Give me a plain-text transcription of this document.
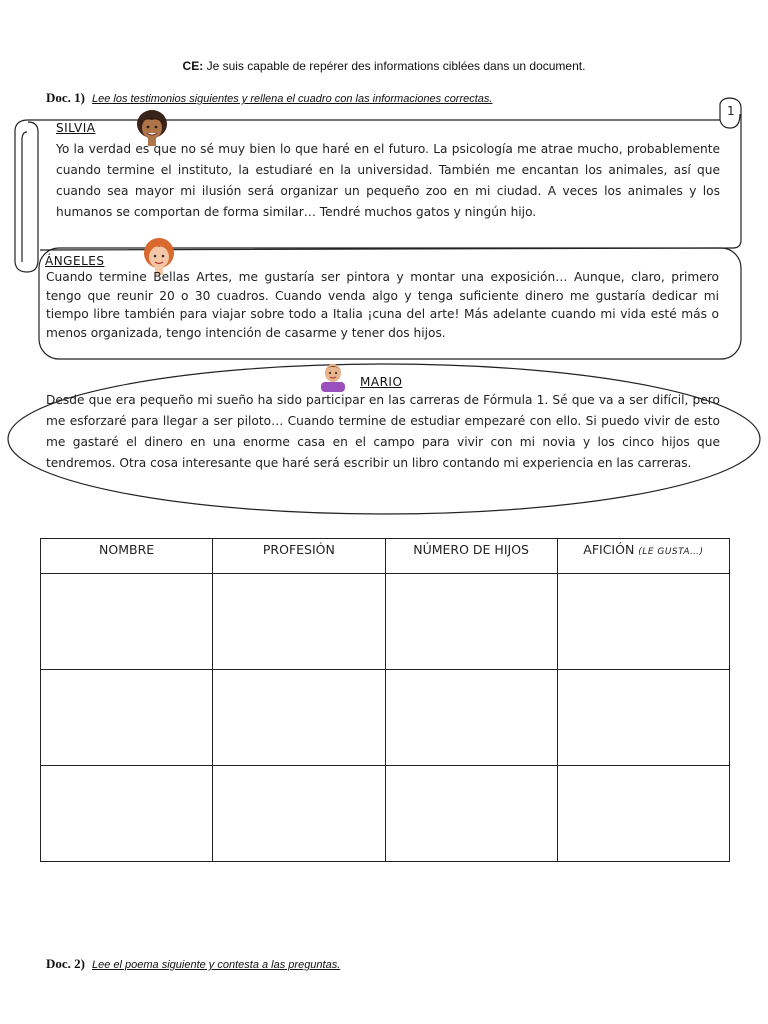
CE: Je suis capable de repérer des informations ciblées dans un document.
Doc. 1) Lee los testimonios siguientes y rellena el cuadro con las informaciones correctas.
1
SILVIA
Yo la verdad es que no sé muy bien lo que haré en el futuro. La psicología me atrae mucho, probablemente cuando termine el instituto, la estudiaré en la universidad. También me encantan los animales, así que cuando sea mayor mi ilusión será organizar un pequeño zoo en mi ciudad. A veces los animales y los humanos se comportan de forma similar… Tendré muchos gatos y ningún hijo.
ÁNGELES
Cuando termine Bellas Artes, me gustaría ser pintora y montar una exposición… Aunque, claro, primero tengo que reunir 20 o 30 cuadros. Cuando venda algo y tenga suficiente dinero me gustaría dedicar mi tiempo libre también para viajar sobre todo a Italia ¡cuna del arte! Más adelante cuando mi vida esté más o menos organizada, tengo intención de casarme y tener dos hijos.
MARIO
Desde que era pequeño mi sueño ha sido participar en las carreras de Fórmula 1. Sé que va a ser difícil, pero me esforzaré para llegar a ser piloto… Cuando termine de estudiar empezaré con ello. Si puedo vivir de esto me gastaré el dinero en una enorme casa en el campo para vivir con mi novia y los cinco hijos que tendremos. Otra cosa interesante que haré será escribir un libro contando mi experiencia en las carreras.
NOMBRE	PROFESIÓN	NÚMERO DE HIJOS	AFICIÓN (LE GUSTA…)

Doc. 2) Lee el poema siguiente y contesta a las preguntas.
